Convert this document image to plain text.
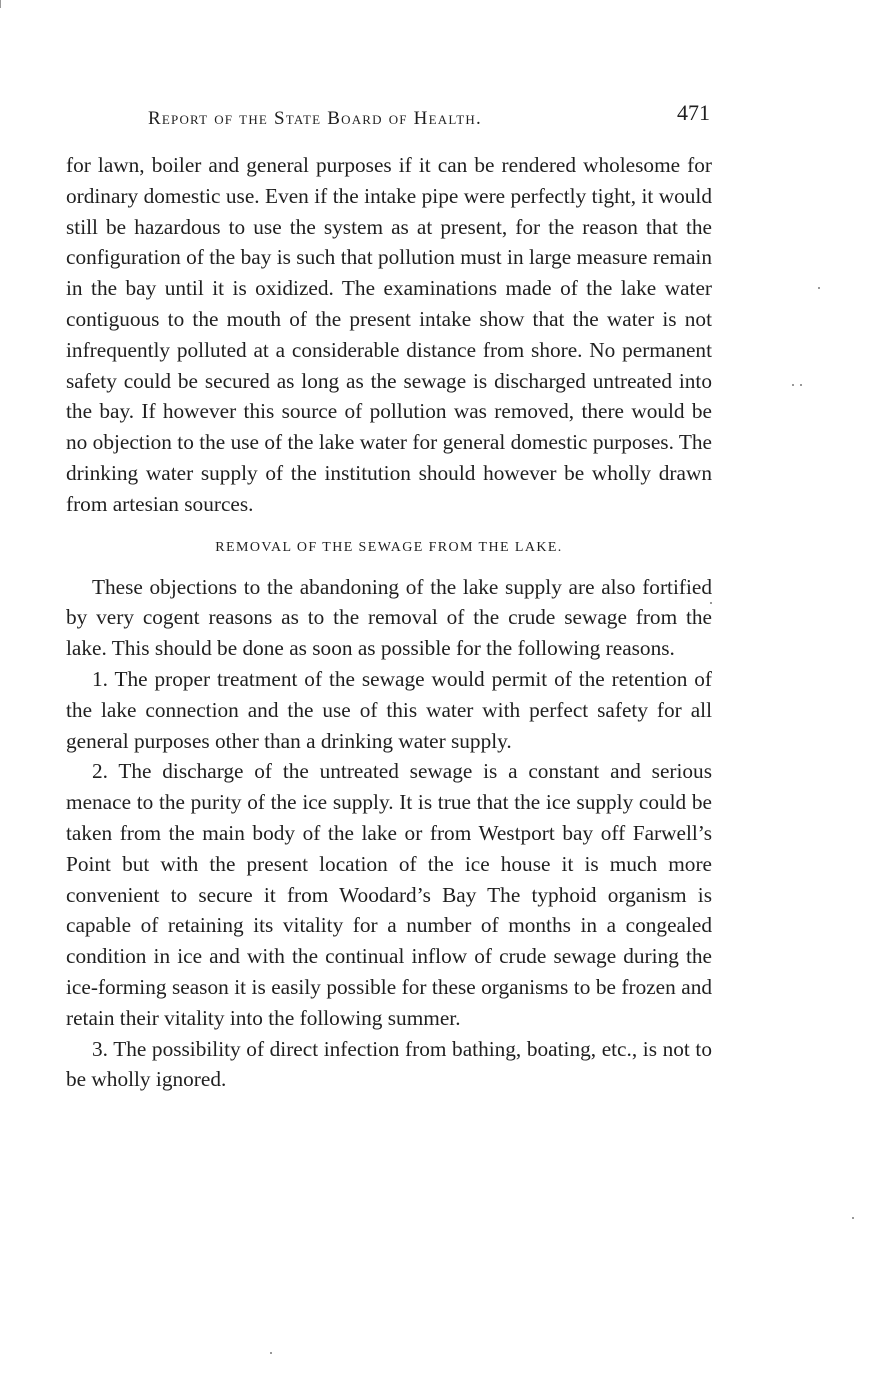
Report of the State Board of Health.	471

for lawn, boiler and general purposes if it can be rendered wholesome for ordinary domestic use. Even if the intake pipe were perfectly tight, it would still be hazardous to use the system as at present, for the reason that the configuration of the bay is such that pollution must in large measure remain in the bay until it is oxidized. The examinations made of the lake water contiguous to the mouth of the present intake show that the water is not infrequently polluted at a considerable distance from shore. No permanent safety could be secured as long as the sewage is discharged untreated into the bay. If however this source of pollution was removed, there would be no objection to the use of the lake water for general domestic purposes. The drinking water supply of the institution should however be wholly drawn from artesian sources.

REMOVAL OF THE SEWAGE FROM THE LAKE.

These objections to the abandoning of the lake supply are also fortified by very cogent reasons as to the removal of the crude sewage from the lake. This should be done as soon as possible for the following reasons.

1. The proper treatment of the sewage would permit of the retention of the lake connection and the use of this water with perfect safety for all general purposes other than a drinking water supply.

2. The discharge of the untreated sewage is a constant and serious menace to the purity of the ice supply. It is true that the ice supply could be taken from the main body of the lake or from Westport bay off Farwell’s Point but with the present location of the ice house it is much more convenient to secure it from Woodard’s Bay The typhoid organism is capable of retaining its vitality for a number of months in a congealed condition in ice and with the continual inflow of crude sewage during the ice-forming season it is easily possible for these organisms to be frozen and retain their vitality into the following summer.

3. The possibility of direct infection from bathing, boating, etc., is not to be wholly ignored.
